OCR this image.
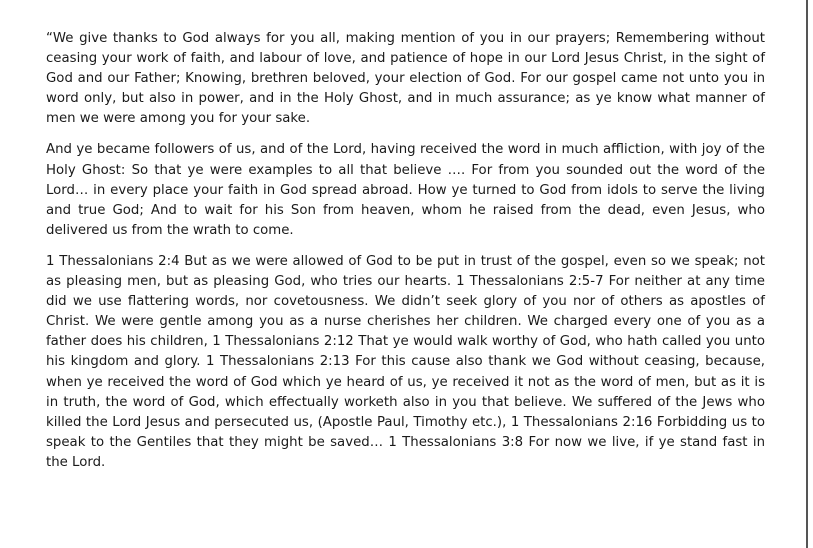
“We give thanks to God always for you all, making mention of you in our prayers; Remembering without ceasing your work of faith, and labour of love, and patience of hope in our Lord Jesus Christ, in the sight of God and our Father; Knowing, brethren beloved, your election of God. For our gospel came not unto you in word only, but also in power, and in the Holy Ghost, and in much assurance; as ye know what manner of men we were among you for your sake.

And ye became followers of us, and of the Lord, having received the word in much affliction, with joy of the Holy Ghost: So that ye were examples to all that believe …. For from you sounded out the word of the Lord… in every place your faith in God spread abroad. How ye turned to God from idols to serve the living and true God; And to wait for his Son from heaven, whom he raised from the dead, even Jesus, who delivered us from the wrath to come.

1 Thessalonians 2:4 But as we were allowed of God to be put in trust of the gospel, even so we speak; not as pleasing men, but as pleasing God, who tries our hearts. 1 Thessalonians 2:5-7 For neither at any time did we use flattering words, nor covetousness. We didn’t seek glory of you nor of others as apostles of Christ. We were gentle among you as a nurse cherishes her children. We charged every one of you as a father does his children, 1 Thessalonians 2:12 That ye would walk worthy of God, who hath called you unto his kingdom and glory. 1 Thessalonians 2:13 For this cause also thank we God without ceasing, because, when ye received the word of God which ye heard of us, ye received it not as the word of men, but as it is in truth, the word of God, which effectually worketh also in you that believe. We suffered of the Jews who killed the Lord Jesus and persecuted us, (Apostle Paul, Timothy etc.), 1 Thessalonians 2:16 Forbidding us to speak to the Gentiles that they might be saved… 1 Thessalonians 3:8 For now we live, if ye stand fast in the Lord.
